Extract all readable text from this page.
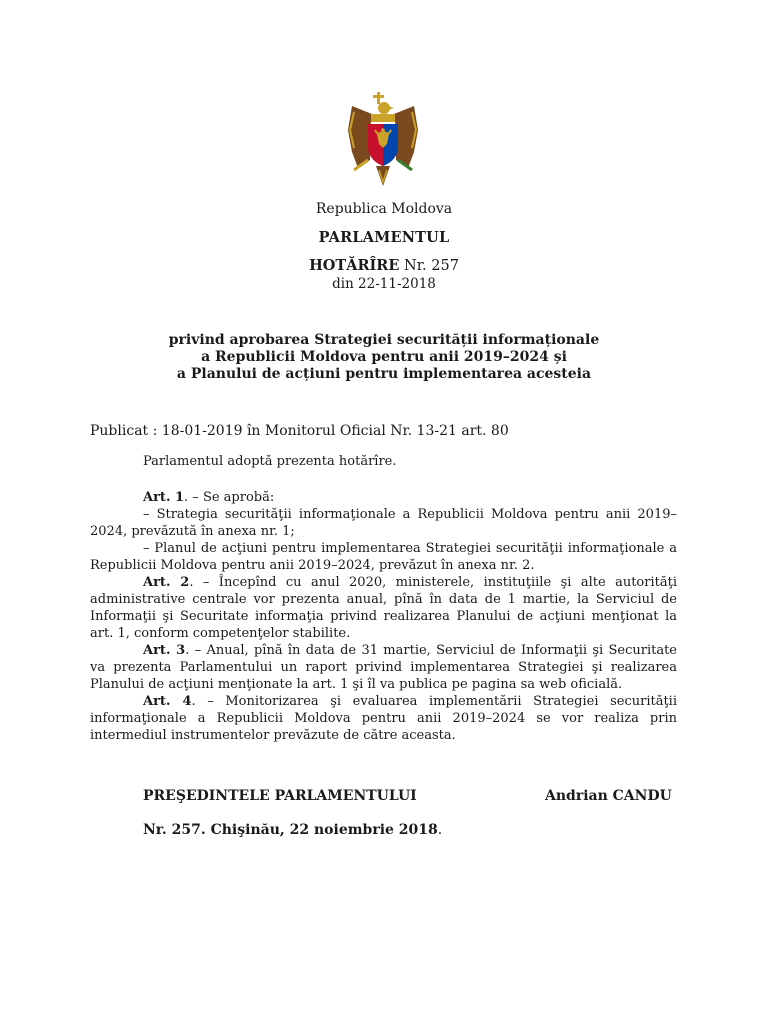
Republica Moldova
PARLAMENTUL
HOTĂRÎRE Nr. 257
din 22-11-2018
privind aprobarea Strategiei securității informaționale
a Republicii Moldova pentru anii 2019–2024 și
a Planului de acțiuni pentru implementarea acesteia
Publicat : 18-01-2019 în Monitorul Oficial Nr. 13-21 art. 80

Parlamentul adoptă prezenta hotărîre.

Art. 1. – Se aprobă:

– Strategia securităţii informaţionale a Republicii Moldova pentru anii 2019–2024, prevăzută în anexa nr. 1;

– Planul de acţiuni pentru implementarea Strategiei securităţii informaţionale a Republicii Moldova pentru anii 2019–2024, prevăzut în anexa nr. 2.

Art. 2. – Începînd cu anul 2020, ministerele, instituţiile şi alte autorităţi administrative centrale vor prezenta anual, pînă în data de 1 martie, la Serviciul de Informaţii şi Securitate informaţia privind realizarea Planului de acţiuni menţionat la art. 1, conform competenţelor stabilite.

Art. 3. – Anual, pînă în data de 31 martie, Serviciul de Informaţii şi Securitate va prezenta Parlamentului un raport privind implementarea Strategiei şi realizarea Planului de acţiuni menţionate la art. 1 şi îl va publica pe pagina sa web oficială.

Art. 4. – Monitorizarea şi evaluarea implementării Strategiei securităţii informaţionale a Republicii Moldova pentru anii 2019–2024 se vor realiza prin intermediul instrumentelor prevăzute de către aceasta.

PREŞEDINTELE PARLAMENTULUI	Andrian CANDU
Nr. 257. Chişinău, 22 noiembrie 2018.
